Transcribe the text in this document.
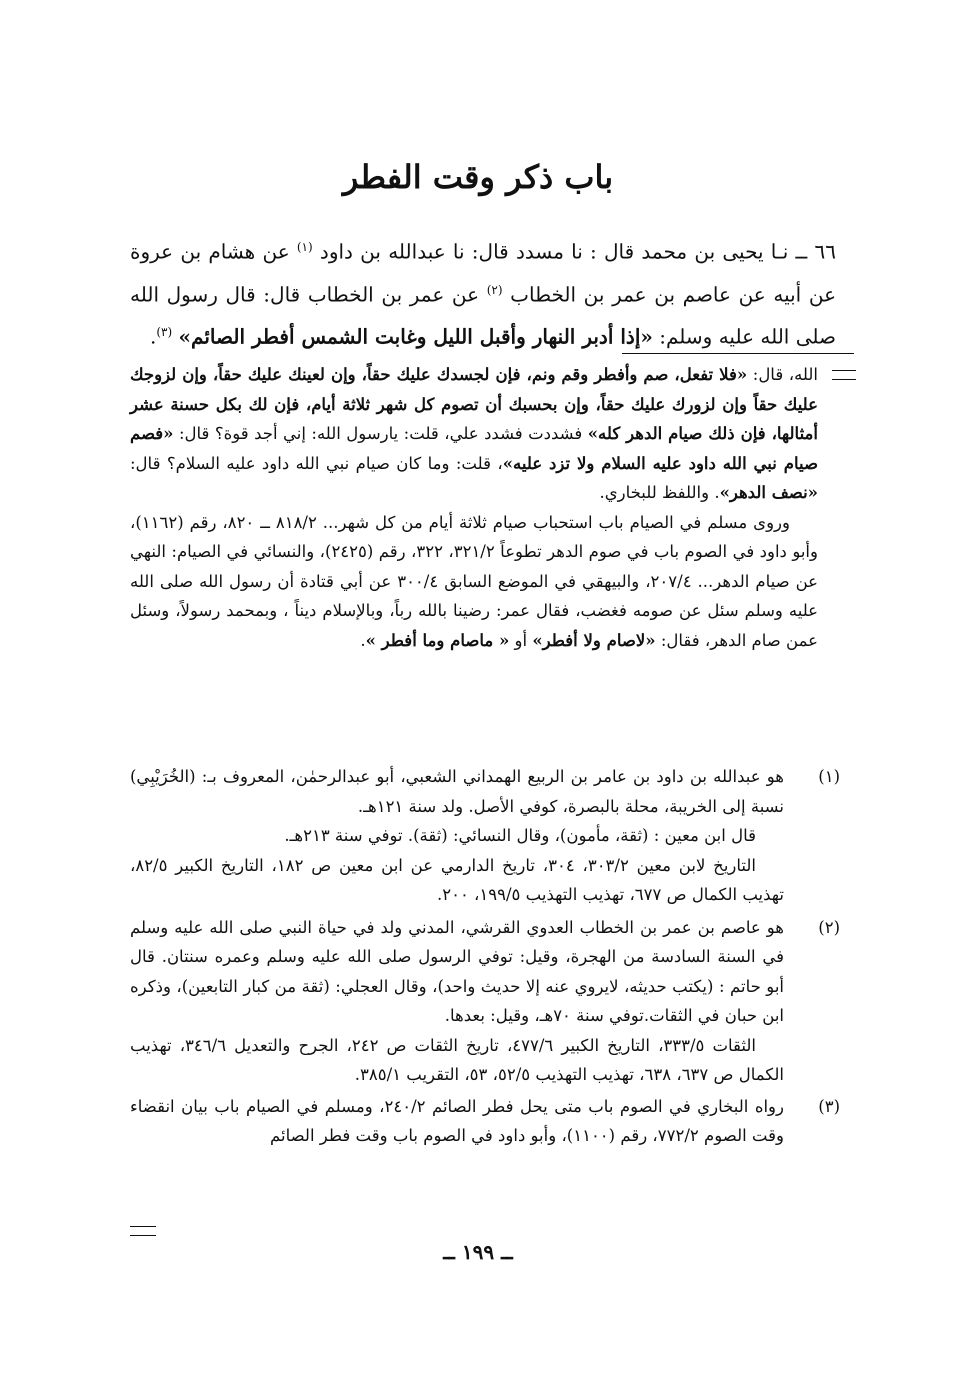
باب ذكر وقت الفطر
٦٦ ــ نـا يحيى بن محمد قال : نا مسدد قال: نا عبدالله بن داود $^{(١)}$ عن هشام بن عروة عن أبيه عن عاصم بن عمر بن الخطاب $^{(٢)}$ عن عمر بن الخطاب قال: قال رسول الله صلى الله عليه وسلم: «إذا أدبر النهار وأقبل الليل وغابت الشمس أفطر الصائم» $^{(٣)}$.

الله، قال: «فلا تفعل، صم وأفطر وقم ونم، فإن لجسدك عليك حقاً، وإن لعينك عليك حقاً، وإن لزوجك عليك حقاً وإن لزورك عليك حقاً، وإن بحسبك أن تصوم كل شهر ثلاثة أيام، فإن لك بكل حسنة عشر أمثالها، فإن ذلك صيام الدهر كله» فشددت فشدد علي، قلت: يارسول الله: إني أجد قوة؟ قال: «فصم صيام نبي الله داود عليه السلام ولا تزد عليه»، قلت: وما كان صيام نبي الله داود عليه السلام؟ قال: «نصف الدهر». واللفظ للبخاري.

وروى مسلم في الصيام باب استحباب صيام ثلاثة أيام من كل شهر... ٨١٨/٢ ــ ٨٢٠، رقم (١١٦٢)، وأبو داود في الصوم باب في صوم الدهر تطوعاً ٣٢١/٢، ٣٢٢، رقم (٢٤٢٥)، والنسائي في الصيام: النهي عن صيام الدهر... ٢٠٧/٤، والبيهقي في الموضع السابق ٣٠٠/٤ عن أبي قتادة أن رسول الله صلى الله عليه وسلم سئل عن صومه فغضب، فقال عمر: رضينا بالله رباً، وبالإسلام ديناً ، وبمحمد رسولاً، وسئل عمن صام الدهر، فقال: «لاصام ولا أفطر» أو « ماصام وما أفطر ».

(١)

هو عبدالله بن داود بن عامر بن الربيع الهمداني الشعبي، أبو عبدالرحمٰن، المعروف بـ: (الخُرَيْبِي) نسبة إلى الخريبة، محلة بالبصرة، كوفي الأصل. ولد سنة ١٢١هـ.

قال ابن معين : (ثقة، مأمون)، وقال النسائي: (ثقة). توفي سنة ٢١٣هـ.

التاريخ لابن معين ٣٠٣/٢، ٣٠٤، تاريخ الدارمي عن ابن معين ص ١٨٢، التاريخ الكبير ٨٢/٥، تهذيب الكمال ص ٦٧٧، تهذيب التهذيب ١٩٩/٥، ٢٠٠.

(٢)

هو عاصم بن عمر بن الخطاب العدوي القرشي، المدني ولد في حياة النبي صلى الله عليه وسلم في السنة السادسة من الهجرة، وقيل: توفي الرسول صلى الله عليه وسلم وعمره سنتان. قال أبو حاتم : (يكتب حديثه، لايروي عنه إلا حديث واحد)، وقال العجلي: (ثقة من كبار التابعين)، وذكره ابن حبان في الثقات.توفي سنة ٧٠هـ، وقيل: بعدها.

الثقات ٣٣٣/٥، التاريخ الكبير ٤٧٧/٦، تاريخ الثقات ص ٢٤٢، الجرح والتعديل ٣٤٦/٦، تهذيب الكمال ص ٦٣٧، ٦٣٨، تهذيب التهذيب ٥٢/٥، ٥٣، التقريب ٣٨٥/١.

(٣)

رواه البخاري في الصوم باب متى يحل فطر الصائم ٢٤٠/٢، ومسلم في الصيام باب بيان انقضاء وقت الصوم ٧٧٢/٢، رقم (١١٠٠)، وأبو داود في الصوم باب وقت فطر الصائم

ــ ١٩٩ ــ
